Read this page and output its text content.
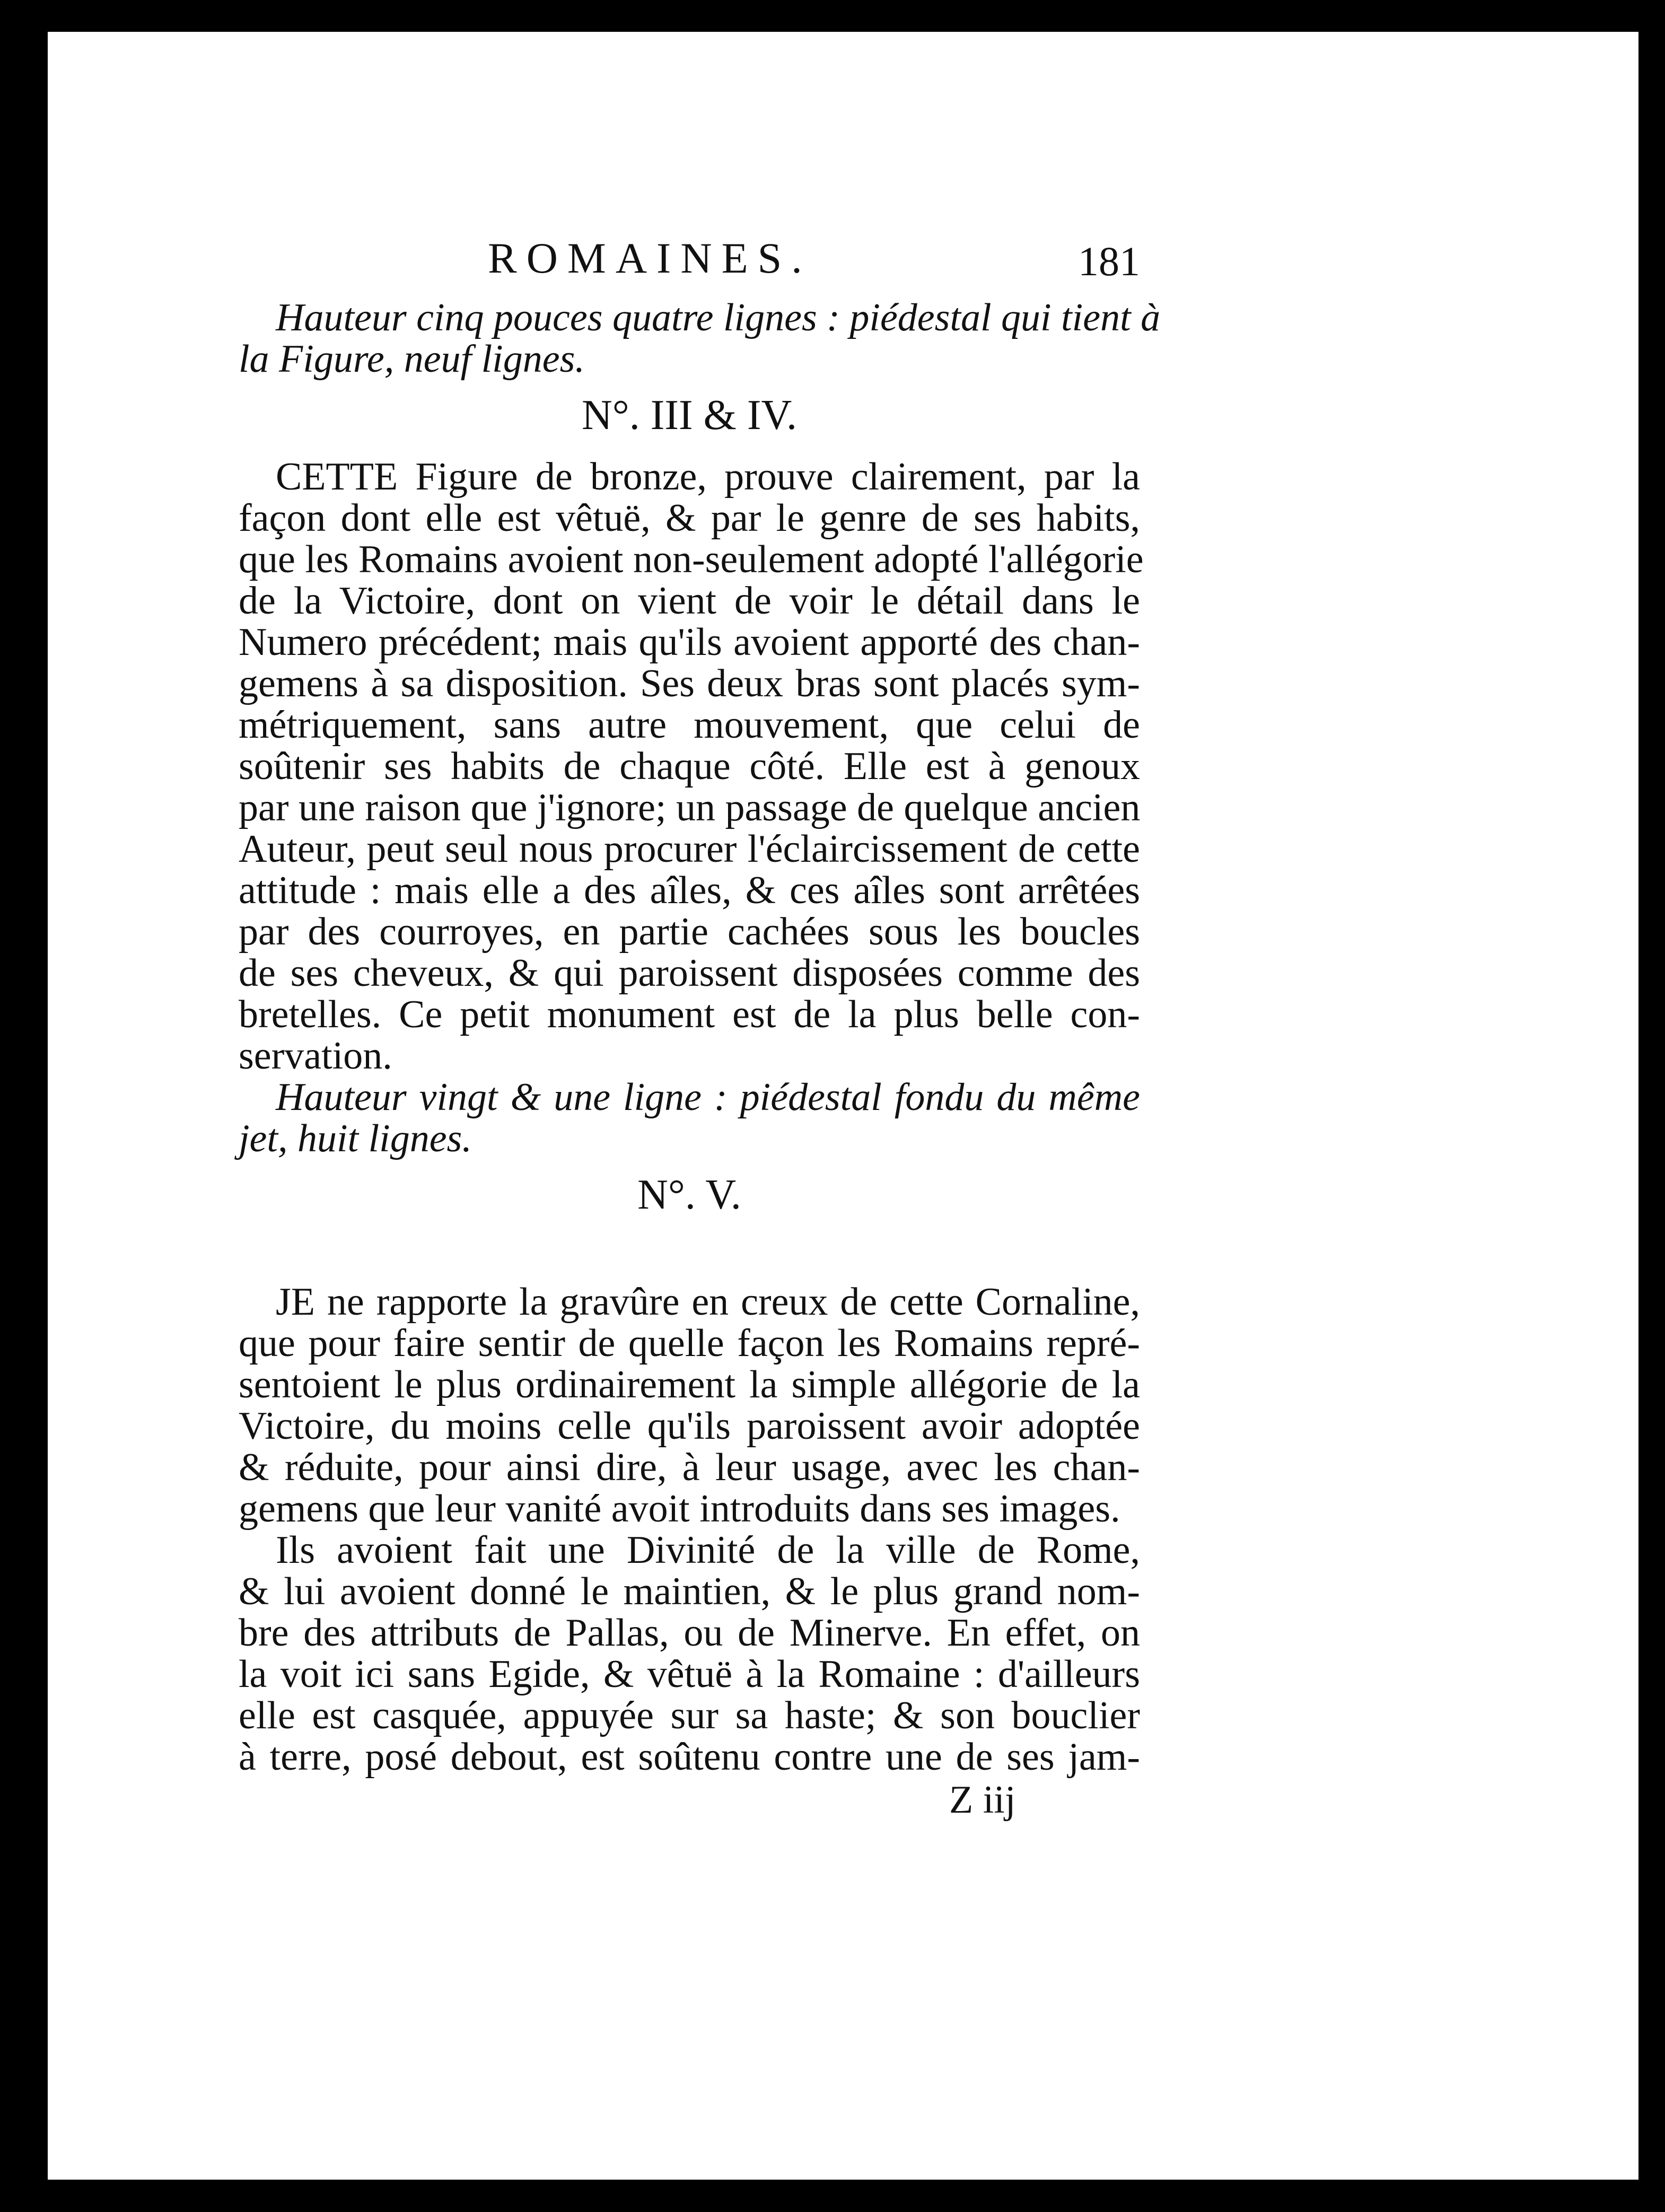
ROMAINES.	181
Hauteur cinq pouces quatre lignes : piédestal qui tient à
la Figure, neuf lignes.
N°. III & IV.
CETTE Figure de bronze, prouve clairement, par la
façon dont elle est vêtuë, & par le genre de ses habits,
que les Romains avoient non-seulement adopté l'allégorie
de la Victoire, dont on vient de voir le détail dans le
Numero précédent; mais qu'ils avoient apporté des chan-
gemens à sa disposition. Ses deux bras sont placés sym-
métriquement, sans autre mouvement, que celui de
soûtenir ses habits de chaque côté. Elle est à genoux
par une raison que j'ignore; un passage de quelque ancien
Auteur, peut seul nous procurer l'éclaircissement de cette
attitude : mais elle a des aîles, & ces aîles sont arrêtées
par des courroyes, en partie cachées sous les boucles
de ses cheveux, & qui paroissent disposées comme des
bretelles. Ce petit monument est de la plus belle con-
servation.
Hauteur vingt & une ligne : piédestal fondu du même
jet, huit lignes.
N°. V.
JE ne rapporte la gravûre en creux de cette Cornaline,
que pour faire sentir de quelle façon les Romains repré-
sentoient le plus ordinairement la simple allégorie de la
Victoire, du moins celle qu'ils paroissent avoir adoptée
& réduite, pour ainsi dire, à leur usage, avec les chan-
gemens que leur vanité avoit introduits dans ses images.
Ils avoient fait une Divinité de la ville de Rome,
& lui avoient donné le maintien, & le plus grand nom-
bre des attributs de Pallas, ou de Minerve. En effet, on
la voit ici sans Egide, & vêtuë à la Romaine : d'ailleurs
elle est casquée, appuyée sur sa haste; & son bouclier
à terre, posé debout, est soûtenu contre une de ses jam-
Z iij
